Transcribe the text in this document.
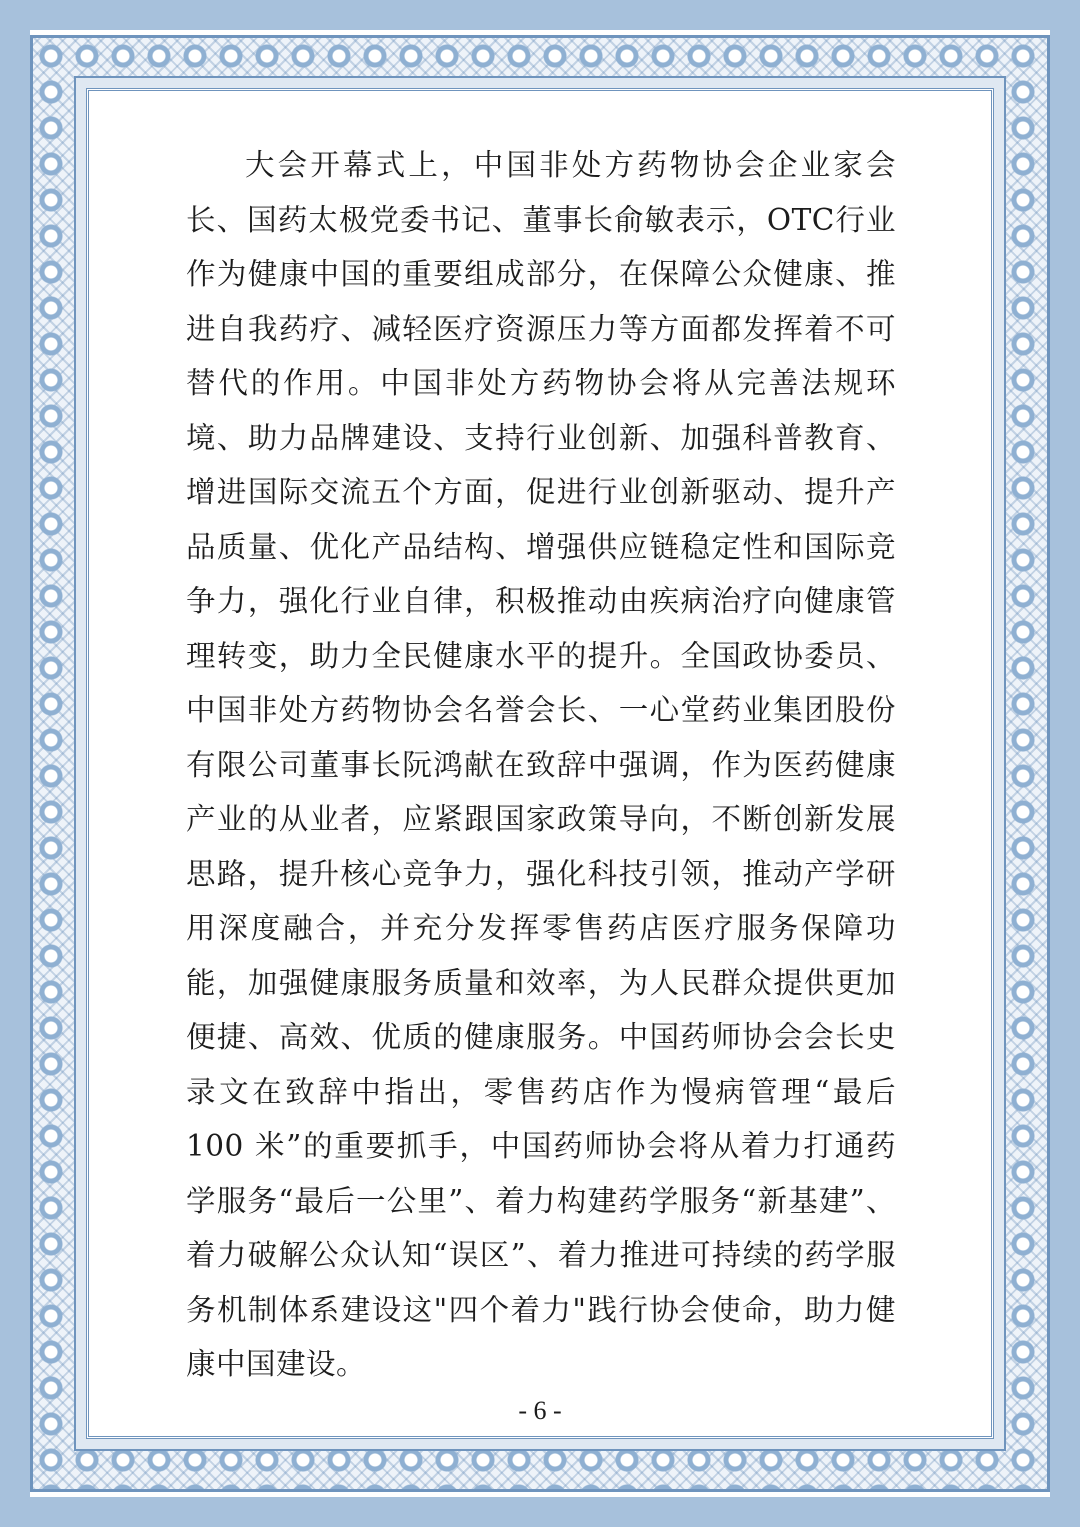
大会开幕式上，中国非处方药物协会企业家会长、国药太极党委书记、董事长俞敏表示，OTC行业作为健康中国的重要组成部分，在保障公众健康、推进自我药疗、减轻医疗资源压力等方面都发挥着不可替代的作用。中国非处方药物协会将从完善法规环境、助力品牌建设、支持行业创新、加强科普教育、增进国际交流五个方面，促进行业创新驱动、提升产品质量、优化产品结构、增强供应链稳定性和国际竞争力，强化行业自律，积极推动由疾病治疗向健康管理转变，助力全民健康水平的提升。全国政协委员、中国非处方药物协会名誉会长、一心堂药业集团股份有限公司董事长阮鸿献在致辞中强调，作为医药健康产业的从业者，应紧跟国家政策导向，不断创新发展思路，提升核心竞争力，强化科技引领，推动产学研用深度融合，并充分发挥零售药店医疗服务保障功能，加强健康服务质量和效率，为人民群众提供更加便捷、高效、优质的健康服务。中国药师协会会长史录文在致辞中指出，零售药店作为慢病管理“最后 100 米”的重要抓手，中国药师协会将从着力打通药学服务“最后一公里”、着力构建药学服务“新基建”、着力破解公众认知“误区”、着力推进可持续的药学服务机制体系建设这"四个着力"践行协会使命，助力健康中国建设。

- 6 -
